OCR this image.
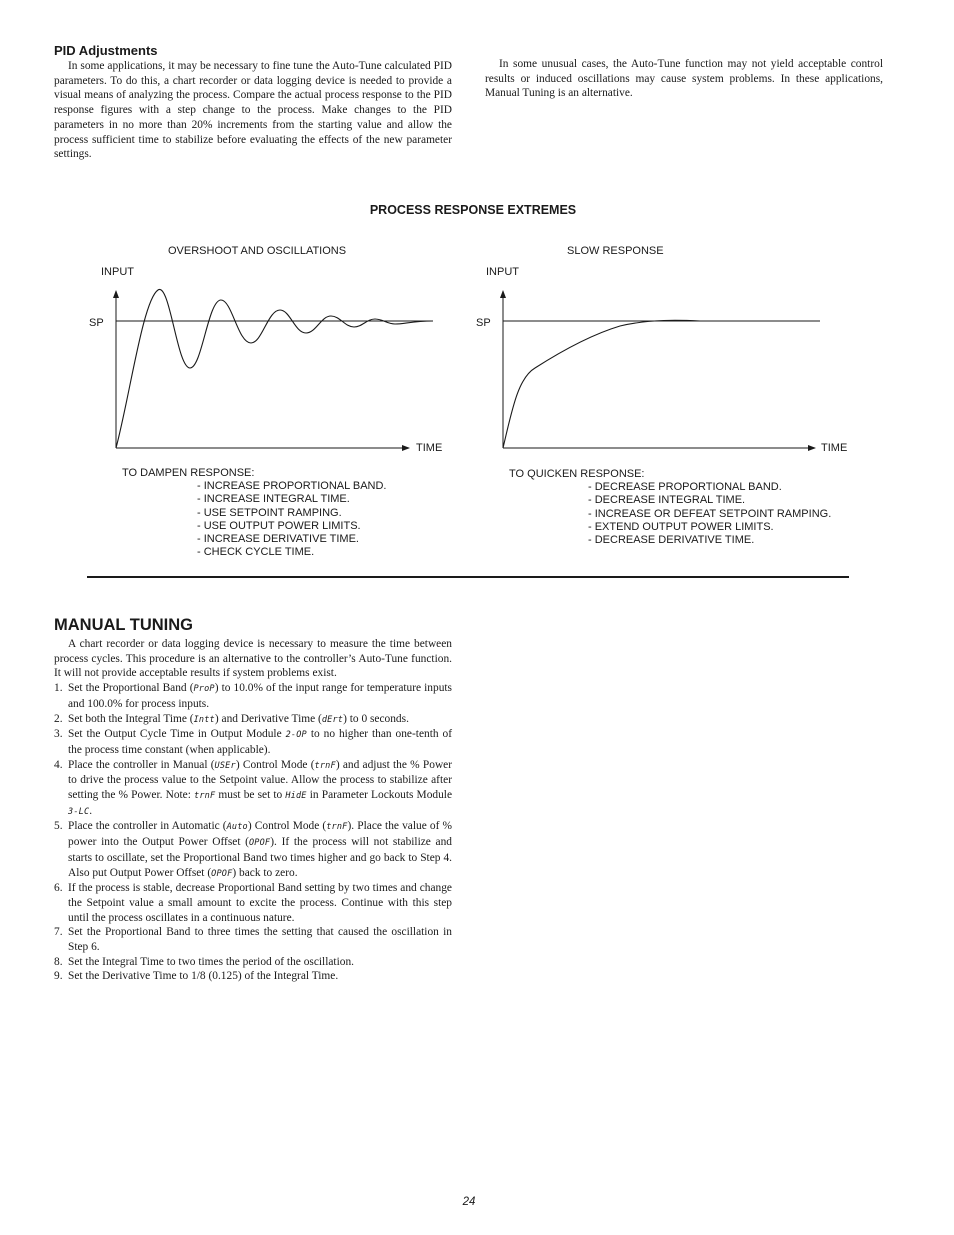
PID Adjustments

In some applications, it may be necessary to fine tune the Auto-Tune calculated PID parameters. To do this, a chart recorder or data logging device is needed to provide a visual means of analyzing the process. Compare the actual process response to the PID response figures with a step change to the process. Make changes to the PID parameters in no more than 20% increments from the starting value and allow the process sufficient time to stabilize before evaluating the effects of the new parameter settings.

In some unusual cases, the Auto-Tune function may not yield acceptable control results or induced oscillations may cause system problems. In these applications, Manual Tuning is an alternative.

PROCESS RESPONSE EXTREMES
OVERSHOOT AND OSCILLATIONS
INPUT
SP
TIME
SLOW RESPONSE
INPUT
SP
TIME
TO DAMPEN RESPONSE:
- INCREASE PROPORTIONAL BAND.
- INCREASE INTEGRAL TIME.
- USE SETPOINT RAMPING.
- USE OUTPUT POWER LIMITS.
- INCREASE DERIVATIVE TIME.
- CHECK CYCLE TIME.
TO QUICKEN RESPONSE:
- DECREASE PROPORTIONAL BAND.
- DECREASE INTEGRAL TIME.
- INCREASE OR DEFEAT SETPOINT RAMPING.
- EXTEND OUTPUT POWER LIMITS.
- DECREASE DERIVATIVE TIME.
MANUAL TUNING

A chart recorder or data logging device is necessary to measure the time between process cycles. This procedure is an alternative to the controller’s Auto-Tune function. It will not provide acceptable results if system problems exist.

1. Set the Proportional Band (ProP) to 10.0% of the input range for temperature inputs and 100.0% for process inputs.
2. Set both the Integral Time (Intt) and Derivative Time (dErt) to 0 seconds.
3. Set the Output Cycle Time in Output Module 2-OP to no higher than one-tenth of the process time constant (when applicable).
4. Place the controller in Manual (USEr) Control Mode (trnF) and adjust the % Power to drive the process value to the Setpoint value. Allow the process to stabilize after setting the % Power. Note: trnF must be set to HidE in Parameter Lockouts Module 3-LC.
5. Place the controller in Automatic (Auto) Control Mode (trnF). Place the value of % power into the Output Power Offset (OPOF). If the process will not stabilize and starts to oscillate, set the Proportional Band two times higher and go back to Step 4. Also put Output Power Offset (OPOF) back to zero.
6. If the process is stable, decrease Proportional Band setting by two times and change the Setpoint value a small amount to excite the process. Continue with this step until the process oscillates in a continuous nature.
7. Set the Proportional Band to three times the setting that caused the oscillation in Step 6.
8. Set the Integral Time to two times the period of the oscillation.
9. Set the Derivative Time to 1/8 (0.125) of the Integral Time.
24
